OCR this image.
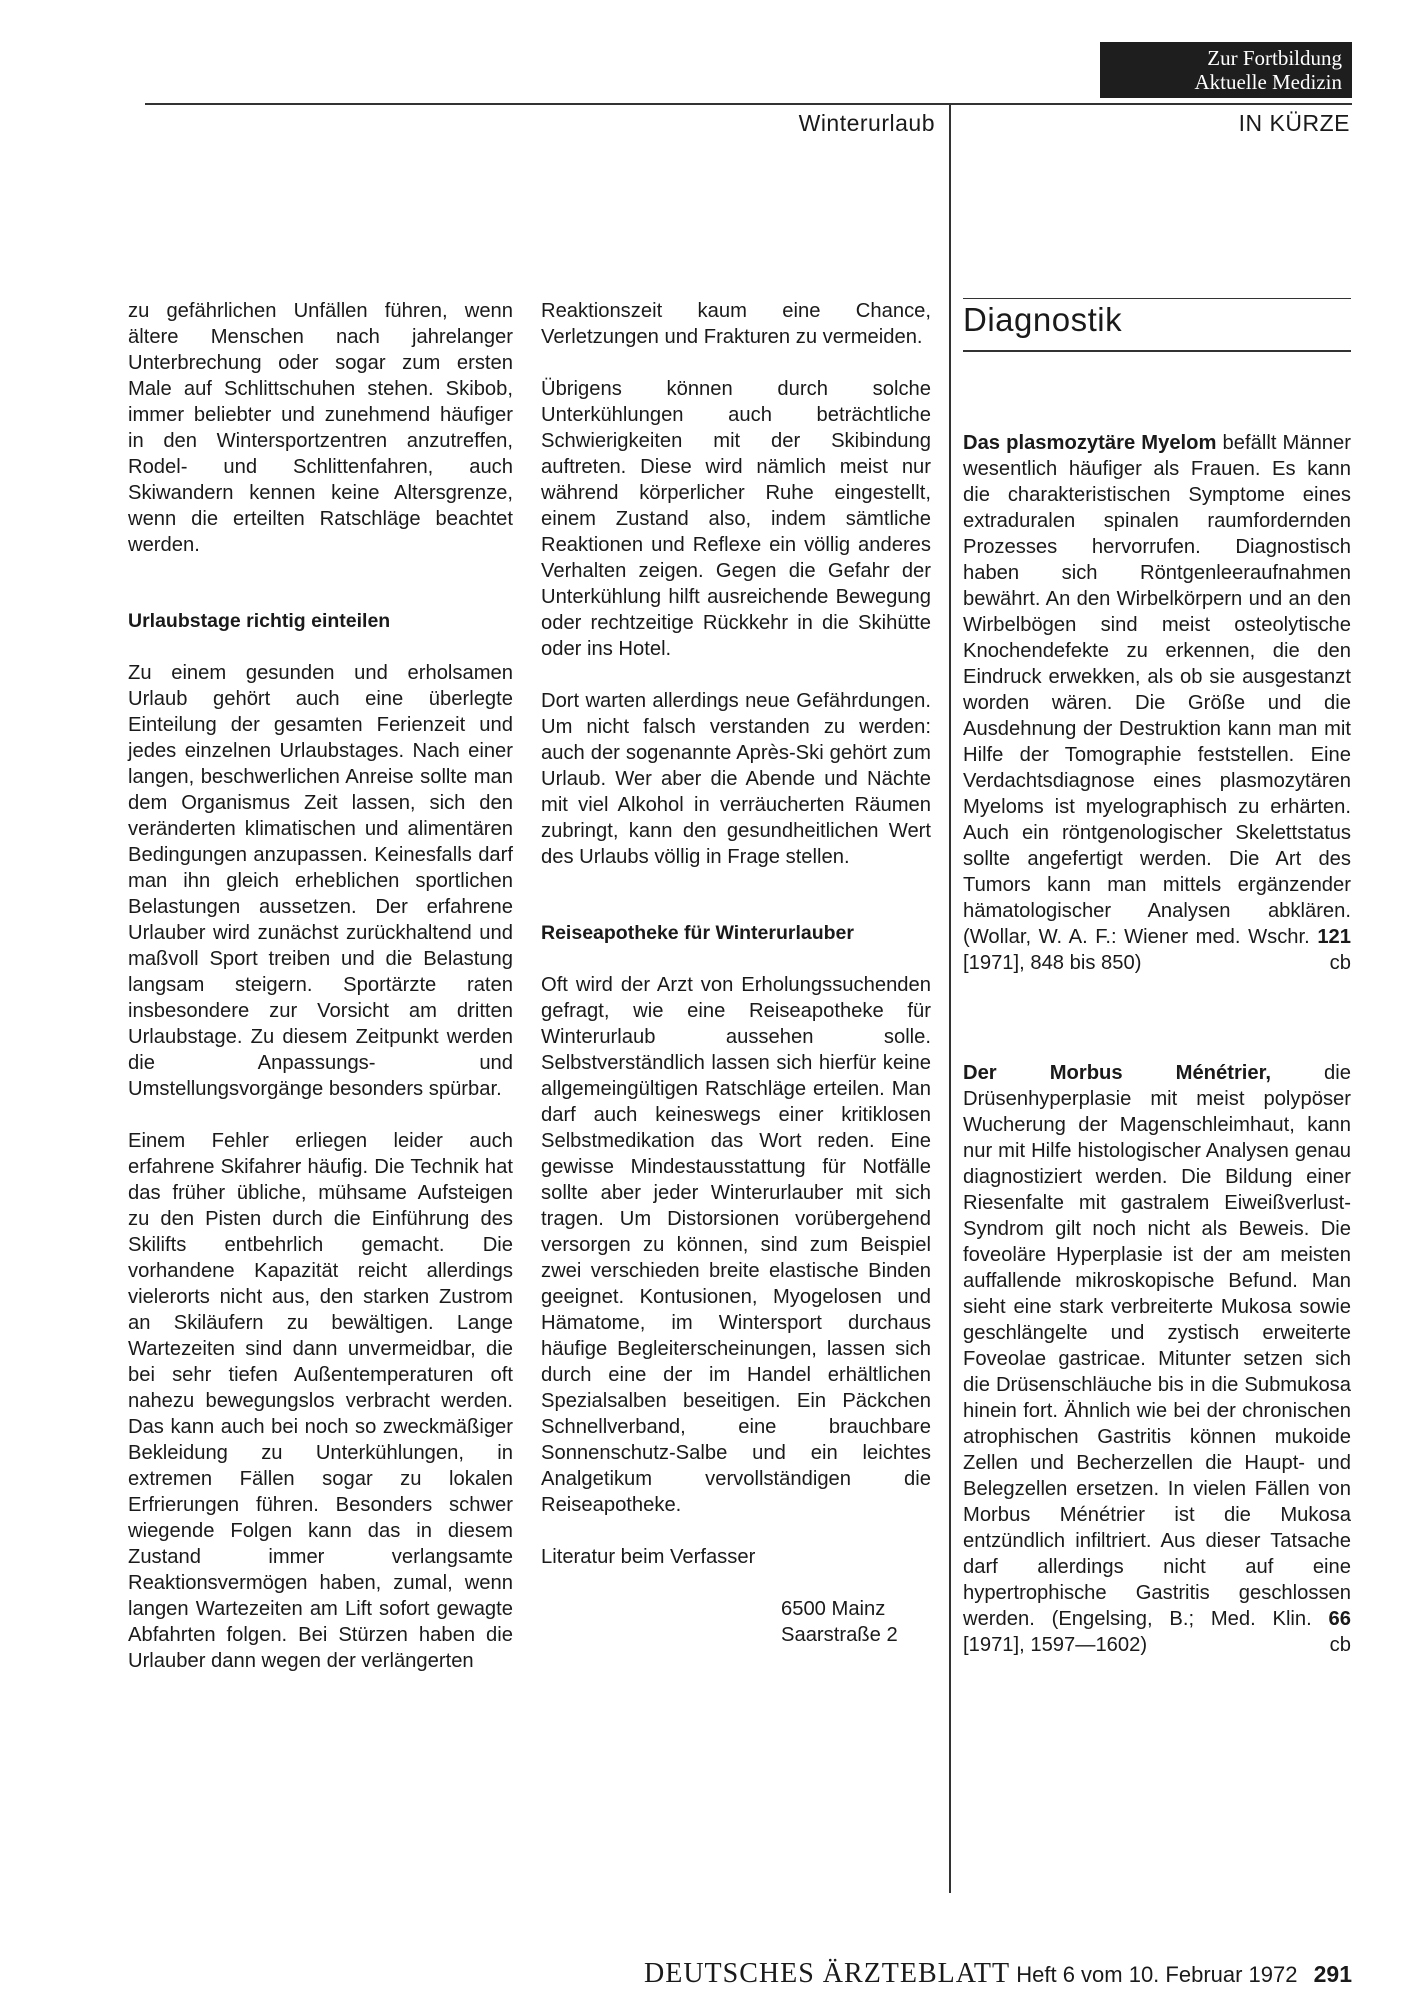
Zur Fortbildung
Aktuelle Medizin
Winterurlaub	IN KÜRZE

zu gefährlichen Unfällen führen, wenn ältere Menschen nach jahrelanger Unterbrechung oder sogar zum ersten Male auf Schlittschuhen stehen. Skibob, immer beliebter und zunehmend häufiger in den Wintersportzentren anzutreffen, Rodel- und Schlittenfahren, auch Skiwandern kennen keine Altersgrenze, wenn die erteilten Ratschläge beachtet werden.

Urlaubstage richtig einteilen

Zu einem gesunden und erholsamen Urlaub gehört auch eine überlegte Einteilung der gesamten Ferienzeit und jedes einzelnen Urlaubstages. Nach einer langen, beschwerlichen Anreise sollte man dem Organismus Zeit lassen, sich den veränderten klimatischen und alimentären Bedingungen anzupassen. Keinesfalls darf man ihn gleich erheblichen sportlichen Belastungen aussetzen. Der erfahrene Urlauber wird zunächst zurückhaltend und maßvoll Sport treiben und die Belastung langsam steigern. Sportärzte raten insbesondere zur Vorsicht am dritten Urlaubstage. Zu diesem Zeitpunkt werden die Anpassungs- und Umstellungsvorgänge besonders spürbar.

Einem Fehler erliegen leider auch erfahrene Skifahrer häufig. Die Technik hat das früher übliche, mühsame Aufsteigen zu den Pisten durch die Einführung des Skilifts entbehrlich gemacht. Die vorhandene Kapazität reicht allerdings vielerorts nicht aus, den starken Zustrom an Skiläufern zu bewältigen. Lange Wartezeiten sind dann unvermeidbar, die bei sehr tiefen Außentemperaturen oft nahezu bewegungslos verbracht werden. Das kann auch bei noch so zweckmäßiger Bekleidung zu Unterkühlungen, in extremen Fällen sogar zu lokalen Erfrierungen führen. Besonders schwer wiegende Folgen kann das in diesem Zustand immer verlangsamte Reaktionsvermögen haben, zumal, wenn langen Wartezeiten am Lift sofort gewagte Abfahrten folgen. Bei Stürzen haben die Urlauber dann wegen der verlängerten

Reaktionszeit kaum eine Chance, Verletzungen und Frakturen zu vermeiden.

Übrigens können durch solche Unterkühlungen auch beträchtliche Schwierigkeiten mit der Skibindung auftreten. Diese wird nämlich meist nur während körperlicher Ruhe eingestellt, einem Zustand also, indem sämtliche Reaktionen und Reflexe ein völlig anderes Verhalten zeigen. Gegen die Gefahr der Unterkühlung hilft ausreichende Bewegung oder rechtzeitige Rückkehr in die Skihütte oder ins Hotel.

Dort warten allerdings neue Gefährdungen. Um nicht falsch verstanden zu werden: auch der sogenannte Après-Ski gehört zum Urlaub. Wer aber die Abende und Nächte mit viel Alkohol in verräucherten Räumen zubringt, kann den gesundheitlichen Wert des Urlaubs völlig in Frage stellen.

Reiseapotheke für Winterurlauber

Oft wird der Arzt von Erholungssuchenden gefragt, wie eine Reiseapotheke für Winterurlaub aussehen solle. Selbstverständlich lassen sich hierfür keine allgemeingültigen Ratschläge erteilen. Man darf auch keineswegs einer kritiklosen Selbstmedikation das Wort reden. Eine gewisse Mindestausstattung für Notfälle sollte aber jeder Winterurlauber mit sich tragen. Um Distorsionen vorübergehend versorgen zu können, sind zum Beispiel zwei verschieden breite elastische Binden geeignet. Kontusionen, Myogelosen und Hämatome, im Wintersport durchaus häufige Begleiterscheinungen, lassen sich durch eine der im Handel erhältlichen Spezialsalben beseitigen. Ein Päckchen Schnellverband, eine brauchbare Sonnenschutz-Salbe und ein leichtes Analgetikum vervollständigen die Reiseapotheke.

Literatur beim Verfasser

6500 Mainz

Saarstraße 2

Diagnostik

Das plasmozytäre Myelom befällt Männer wesentlich häufiger als Frauen. Es kann die charakteristischen Symptome eines extraduralen spinalen raumfordernden Prozesses hervorrufen. Diagnostisch haben sich Röntgenleeraufnahmen bewährt. An den Wirbelkörpern und an den Wirbelbögen sind meist osteolytische Knochendefekte zu erkennen, die den Eindruck erwekken, als ob sie ausgestanzt worden wären. Die Größe und die Ausdehnung der Destruktion kann man mit Hilfe der Tomographie feststellen. Eine Verdachtsdiagnose eines plasmozytären Myeloms ist myelographisch zu erhärten. Auch ein röntgenologischer Skelettstatus sollte angefertigt werden. Die Art des Tumors kann man mittels ergänzender hämatologischer Analysen abklären. (Wollar, W. A. F.: Wiener med. Wschr. 121 [1971], 848 bis 850)	cb

Der Morbus Ménétrier, die Drüsenhyperplasie mit meist polypöser Wucherung der Magenschleimhaut, kann nur mit Hilfe histologischer Analysen genau diagnostiziert werden. Die Bildung einer Riesenfalte mit gastralem Eiweißverlust-Syndrom gilt noch nicht als Beweis. Die foveoläre Hyperplasie ist der am meisten auffallende mikroskopische Befund. Man sieht eine stark verbreiterte Mukosa sowie geschlängelte und zystisch erweiterte Foveolae gastricae. Mitunter setzen sich die Drüsenschläuche bis in die Submukosa hinein fort. Ähnlich wie bei der chronischen atrophischen Gastritis können mukoide Zellen und Becherzellen die Haupt- und Belegzellen ersetzen. In vielen Fällen von Morbus Ménétrier ist die Mukosa entzündlich infiltriert. Aus dieser Tatsache darf allerdings nicht auf eine hypertrophische Gastritis geschlossen werden. (Engelsing, B.; Med. Klin. 66 [1971], 1597—1602)	cb

DEUTSCHES ÄRZTEBLATT Heft 6 vom 10. Februar 1972 291
